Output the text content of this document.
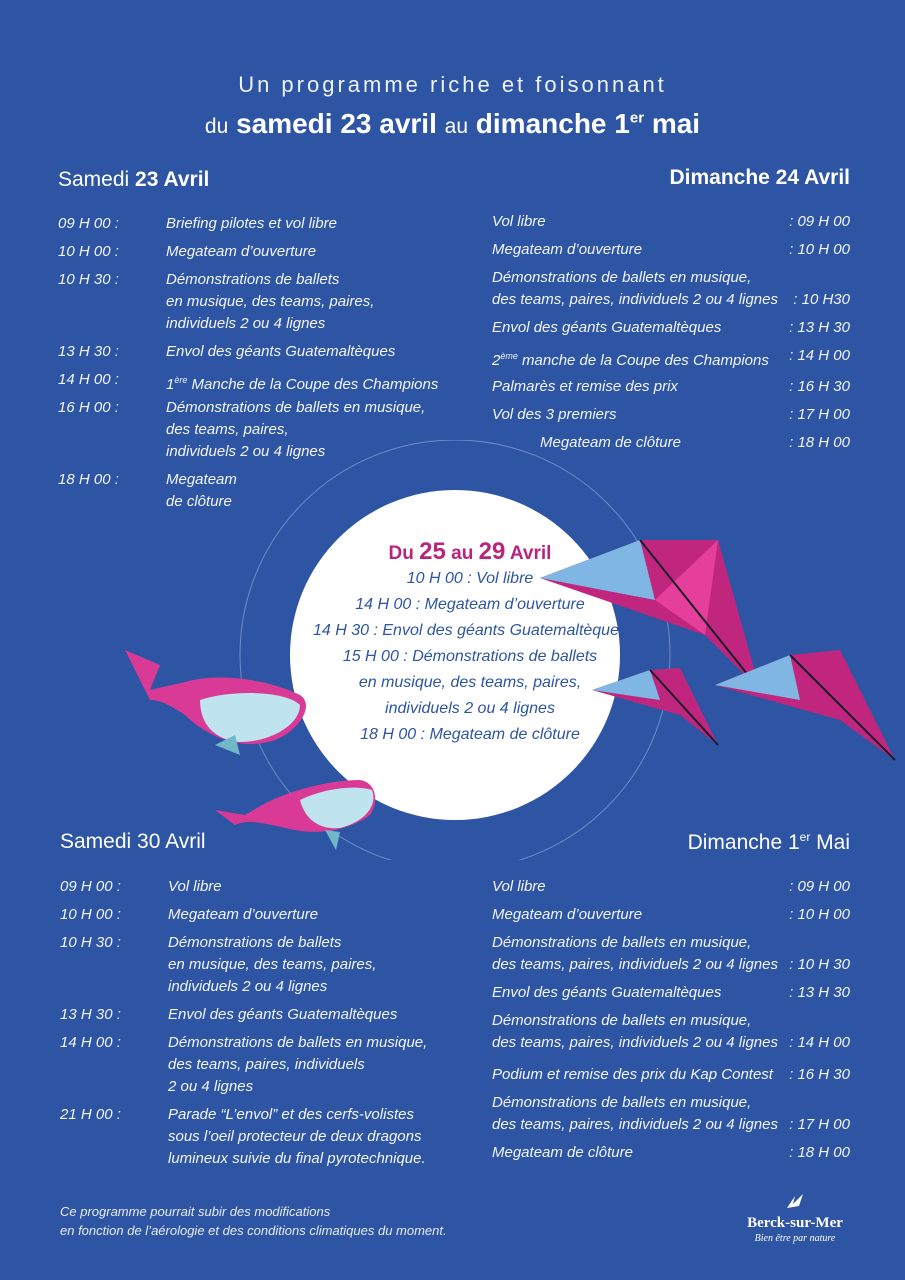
Un programme riche et foisonnant
du samedi 23 avril au dimanche 1er mai
Samedi 23 Avril
09 H 00 :	Briefing pilotes et vol libre
10 H 00 :	Megateam d’ouverture
10 H 30 :	Démonstrations de ballets
en musique, des teams, paires,
individuels 2 ou 4 lignes
13 H 30 :	Envol des géants Guatemaltèques
14 H 00 :	1ère Manche de la Coupe des Champions
16 H 00 :	Démonstrations de ballets en musique,
des teams, paires,
individuels 2 ou 4 lignes
18 H 00 :	Megateam
de clôture
Dimanche 24 Avril
Vol libre	: 09 H 00
Megateam d’ouverture	: 10 H 00
Démonstrations de ballets en musique,
des teams, paires, individuels 2 ou 4 lignes : 10 H30
Envol des géants Guatemaltèques	: 13 H 30
2ème manche de la Coupe des Champions : 14 H 00
Palmarès et remise des prix	: 16 H 30
Vol des 3 premiers	: 17 H 00
Megateam de clôture	: 18 H 00
Du 25 au 29 Avril
10 H 00 : Vol libre
14 H 00 : Megateam d’ouverture
14 H 30 : Envol des géants Guatemaltèques
15 H 00 : Démonstrations de ballets
en musique, des teams, paires,
individuels 2 ou 4 lignes
18 H 00 : Megateam de clôture
Samedi 30 Avril
09 H 00 :	Vol libre
10 H 00 :	Megateam d’ouverture
10 H 30 :	Démonstrations de ballets
en musique, des teams, paires,
individuels 2 ou 4 lignes
13 H 30 :	Envol des géants Guatemaltèques
14 H 00 :	Démonstrations de ballets en musique,
des teams, paires, individuels
2 ou 4 lignes
21 H 00 :	Parade “L’envol” et des cerfs-volistes
sous l’oeil protecteur de deux dragons
lumineux suivie du final pyrotechnique.
Dimanche 1er Mai
Vol libre	: 09 H 00
Megateam d’ouverture	: 10 H 00
Démonstrations de ballets en musique,
des teams, paires, individuels 2 ou 4 lignes : 10 H 30
Envol des géants Guatemaltèques	: 13 H 30
Démonstrations de ballets en musique,
des teams, paires, individuels 2 ou 4 lignes : 14 H 00
Podium et remise des prix du Kap Contest : 16 H 30
Démonstrations de ballets en musique,
des teams, paires, individuels 2 ou 4 lignes : 17 H 00
Megateam de clôture	: 18 H 00
Ce programme pourrait subir des modifications
en fonction de l’aérologie et des conditions climatiques du moment.	Berck-sur-Mer
Bien être par nature
